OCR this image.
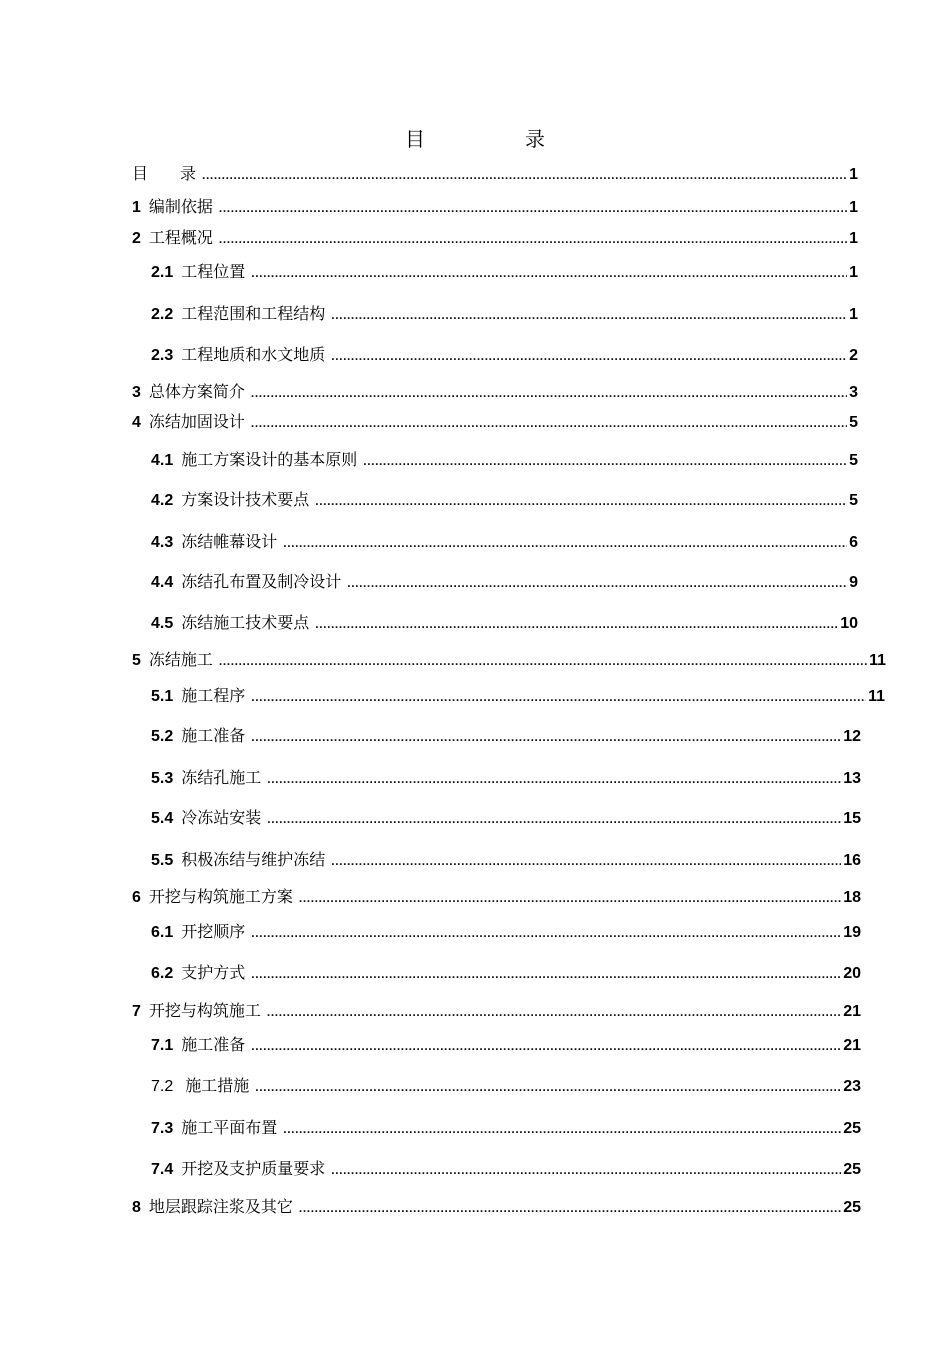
目　录
目　　录 .....	1
1 编制依据 .....	1
2 工程概况 .....	1
2.1 工程位置 .....	1
2.2 工程范围和工程结构 .....	1
2.3 工程地质和水文地质 .....	2
3 总体方案简介 .....	3
4 冻结加固设计 .....	5
4.1 施工方案设计的基本原则 .....	5
4.2 方案设计技术要点 .....	5
4.3 冻结帷幕设计 .....	6
4.4 冻结孔布置及制冷设计 .....	9
4.5 冻结施工技术要点 .....	10
5 冻结施工 .....	11
5.1 施工程序 .....	11
5.2 施工准备 .....	12
5.3 冻结孔施工 .....	13
5.4 冷冻站安装 .....	15
5.5 积极冻结与维护冻结 .....	16
6 开挖与构筑施工方案 .....	18
6.1 开挖顺序 .....	19
6.2 支护方式 .....	20
7 开挖与构筑施工 .....	21
7.1 施工准备 .....	21
7.2 施工措施 .....	23
7.3 施工平面布置 .....	25
7.4 开挖及支护质量要求 .....	25
8 地层跟踪注浆及其它 .....	25
